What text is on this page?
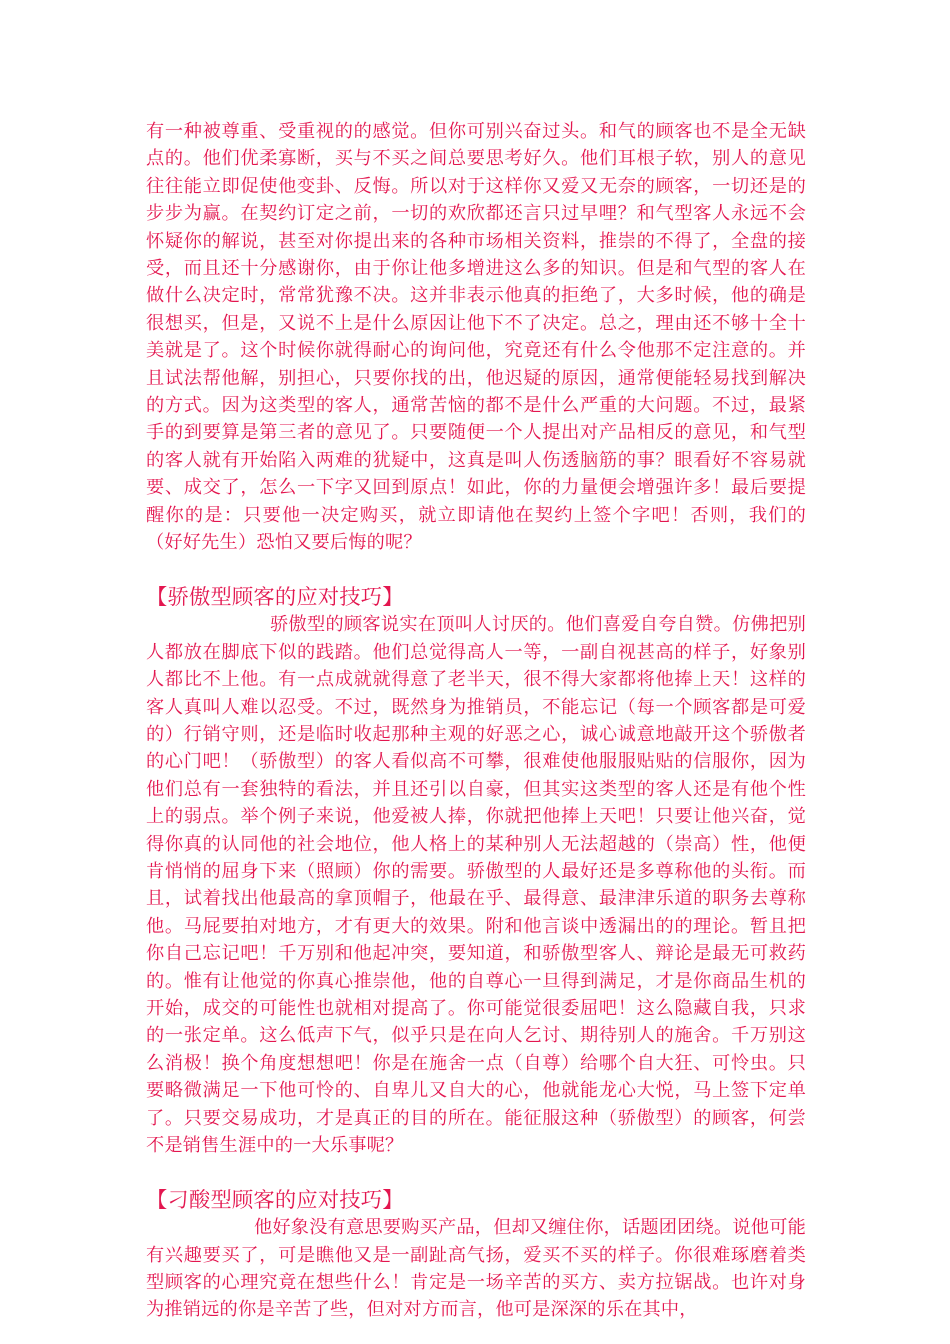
有一种被尊重、受重视的的感觉。但你可别兴奋过头。和气的顾客也不是全无缺点的。他们优柔寡断，买与不买之间总要思考好久。他们耳根子软，别人的意见往往能立即促使他变卦、反悔。所以对于这样你又爱又无奈的顾客，一切还是的步步为赢。在契约订定之前，一切的欢欣都还言只过早哩？和气型客人永远不会怀疑你的解说，甚至对你提出来的各种市场相关资料，推崇的不得了，全盘的接受，而且还十分感谢你，由于你让他多增进这么多的知识。但是和气型的客人在做什么决定时，常常犹豫不决。这并非表示他真的拒绝了，大多时候，他的确是很想买，但是，又说不上是什么原因让他下不了决定。总之，理由还不够十全十美就是了。这个时候你就得耐心的询问他，究竟还有什么令他那不定注意的。并且试法帮他解，别担心，只要你找的出，他迟疑的原因，通常便能轻易找到解决的方式。因为这类型的客人，通常苦恼的都不是什么严重的大问题。不过，最紧手的到要算是第三者的意见了。只要随便一个人提出对产品相反的意见，和气型的客人就有开始陷入两难的犹疑中，这真是叫人伤透脑筋的事？眼看好不容易就要、成交了，怎么一下字又回到原点！如此，你的力量便会增强许多！最后要提醒你的是：只要他一决定购买，就立即请他在契约上签个字吧！否则，我们的（好好先生）恐怕又要后悔的呢？

【骄傲型顾客的应对技巧】

骄傲型的顾客说实在顶叫人讨厌的。他们喜爱自夸自赞。仿佛把别人都放在脚底下似的践踏。他们总觉得高人一等，一副自视甚高的样子，好象别人都比不上他。有一点成就就得意了老半天，很不得大家都将他捧上天！这样的客人真叫人难以忍受。不过，既然身为推销员，不能忘记（每一个顾客都是可爱的）行销守则，还是临时收起那种主观的好恶之心，诚心诚意地敲开这个骄傲者的心门吧！（骄傲型）的客人看似高不可攀，很难使他服服贴贴的信服你，因为他们总有一套独特的看法，并且还引以自豪，但其实这类型的客人还是有他个性上的弱点。举个例子来说，他爱被人捧，你就把他捧上天吧！只要让他兴奋，觉得你真的认同他的社会地位，他人格上的某种别人无法超越的（崇高）性，他便肯悄悄的屈身下来（照顾）你的需要。骄傲型的人最好还是多尊称他的头衔。而且，试着找出他最高的拿顶帽子，他最在乎、最得意、最津津乐道的职务去尊称他。马屁要拍对地方，才有更大的效果。附和他言谈中透漏出的的理论。暂且把你自己忘记吧！千万别和他起冲突，要知道，和骄傲型客人、辩论是最无可救药的。惟有让他觉的你真心推崇他，他的自尊心一旦得到满足，才是你商品生机的开始，成交的可能性也就相对提高了。你可能觉很委屈吧！这么隐藏自我，只求的一张定单。这么低声下气，似乎只是在向人乞讨、期待别人的施舍。千万别这么消极！换个角度想想吧！你是在施舍一点（自尊）给哪个自大狂、可怜虫。只要略微满足一下他可怜的、自卑儿又自大的心，他就能龙心大悦，马上签下定单了。只要交易成功，才是真正的目的所在。能征服这种（骄傲型）的顾客，何尝不是销售生涯中的一大乐事呢？

【刁酸型顾客的应对技巧】

他好象没有意思要购买产品，但却又缠住你，话题团团绕。说他可能有兴趣要买了，可是瞧他又是一副趾高气扬，爱买不买的样子。你很难琢磨着类型顾客的心理究竟在想些什么！肯定是一场辛苦的买方、卖方拉锯战。也许对身为推销远的你是辛苦了些，但对对方而言，他可是深深的乐在其中，
